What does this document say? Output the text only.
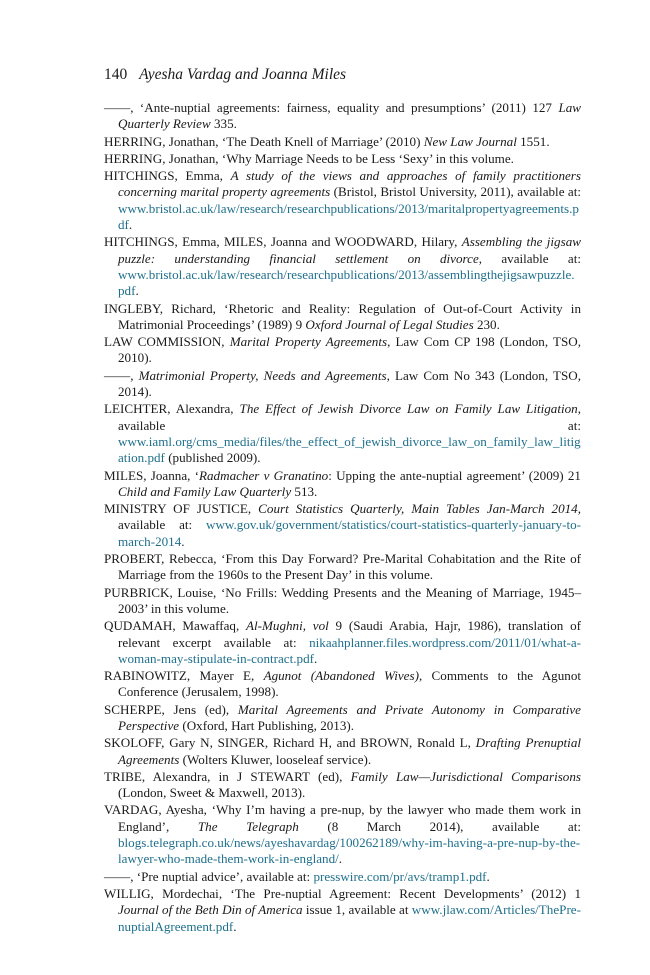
140 Ayesha Vardag and Joanna Miles

——, ‘Ante-nuptial agreements: fairness, equality and presumptions’ (2011) 127 Law Quarterly Review 335.

HERRING, Jonathan, ‘The Death Knell of Marriage’ (2010) New Law Journal 1551.

HERRING, Jonathan, ‘Why Marriage Needs to be Less ‘Sexy’ in this volume.

HITCHINGS, Emma, A study of the views and approaches of family practitioners concerning marital property agreements (Bristol, Bristol University, 2011), available at: www.bristol.ac.uk/law/research/researchpublications/2013/maritalpropertyagreements.pdf.

HITCHINGS, Emma, MILES, Joanna and WOODWARD, Hilary, Assembling the jigsaw puzzle: understanding financial settlement on divorce, available at: www.bristol.ac.uk/law/research/researchpublications/2013/assemblingthejigsawpuzzle.pdf.

INGLEBY, Richard, ‘Rhetoric and Reality: Regulation of Out-of-Court Activity in Matrimonial Proceedings’ (1989) 9 Oxford Journal of Legal Studies 230.

LAW COMMISSION, Marital Property Agreements, Law Com CP 198 (London, TSO, 2010).

——, Matrimonial Property, Needs and Agreements, Law Com No 343 (London, TSO, 2014).

LEICHTER, Alexandra, The Effect of Jewish Divorce Law on Family Law Litigation, available at: www.iaml.org/cms_media/files/the_effect_of_jewish_divorce_law_on_family_law_litigation.pdf (published 2009).

MILES, Joanna, ‘Radmacher v Granatino: Upping the ante-nuptial agreement’ (2009) 21 Child and Family Law Quarterly 513.

MINISTRY OF JUSTICE, Court Statistics Quarterly, Main Tables Jan-March 2014, available at: www.gov.uk/government/statistics/court-statistics-quarterly-january-to-march-2014.

PROBERT, Rebecca, ‘From this Day Forward? Pre-Marital Cohabitation and the Rite of Marriage from the 1960s to the Present Day’ in this volume.

PURBRICK, Louise, ‘No Frills: Wedding Presents and the Meaning of Marriage, 1945–2003’ in this volume.

QUDAMAH, Mawaffaq, Al-Mughni, vol 9 (Saudi Arabia, Hajr, 1986), translation of relevant excerpt available at: nikaahplanner.files.wordpress.com/2011/01/what-a-woman-may-stipulate-in-contract.pdf.

RABINOWITZ, Mayer E, Agunot (Abandoned Wives), Comments to the Agunot Conference (Jerusalem, 1998).

SCHERPE, Jens (ed), Marital Agreements and Private Autonomy in Comparative Perspective (Oxford, Hart Publishing, 2013).

SKOLOFF, Gary N, SINGER, Richard H, and BROWN, Ronald L, Drafting Prenuptial Agreements (Wolters Kluwer, looseleaf service).

TRIBE, Alexandra, in J STEWART (ed), Family Law—Jurisdictional Comparisons (London, Sweet & Maxwell, 2013).

VARDAG, Ayesha, ‘Why I’m having a pre-nup, by the lawyer who made them work in England’, The Telegraph (8 March 2014), available at: blogs.telegraph.co.uk/news/ayeshavardag/100262189/why-im-having-a-pre-nup-by-the-lawyer-who-made-them-work-in-england/.

——, ‘Pre nuptial advice’, available at: presswire.com/pr/avs/tramp1.pdf.

WILLIG, Mordechai, ‘The Pre-nuptial Agreement: Recent Developments’ (2012) 1 Journal of the Beth Din of America issue 1, available at www.jlaw.com/Articles/ThePre-nuptialAgreement.pdf.
